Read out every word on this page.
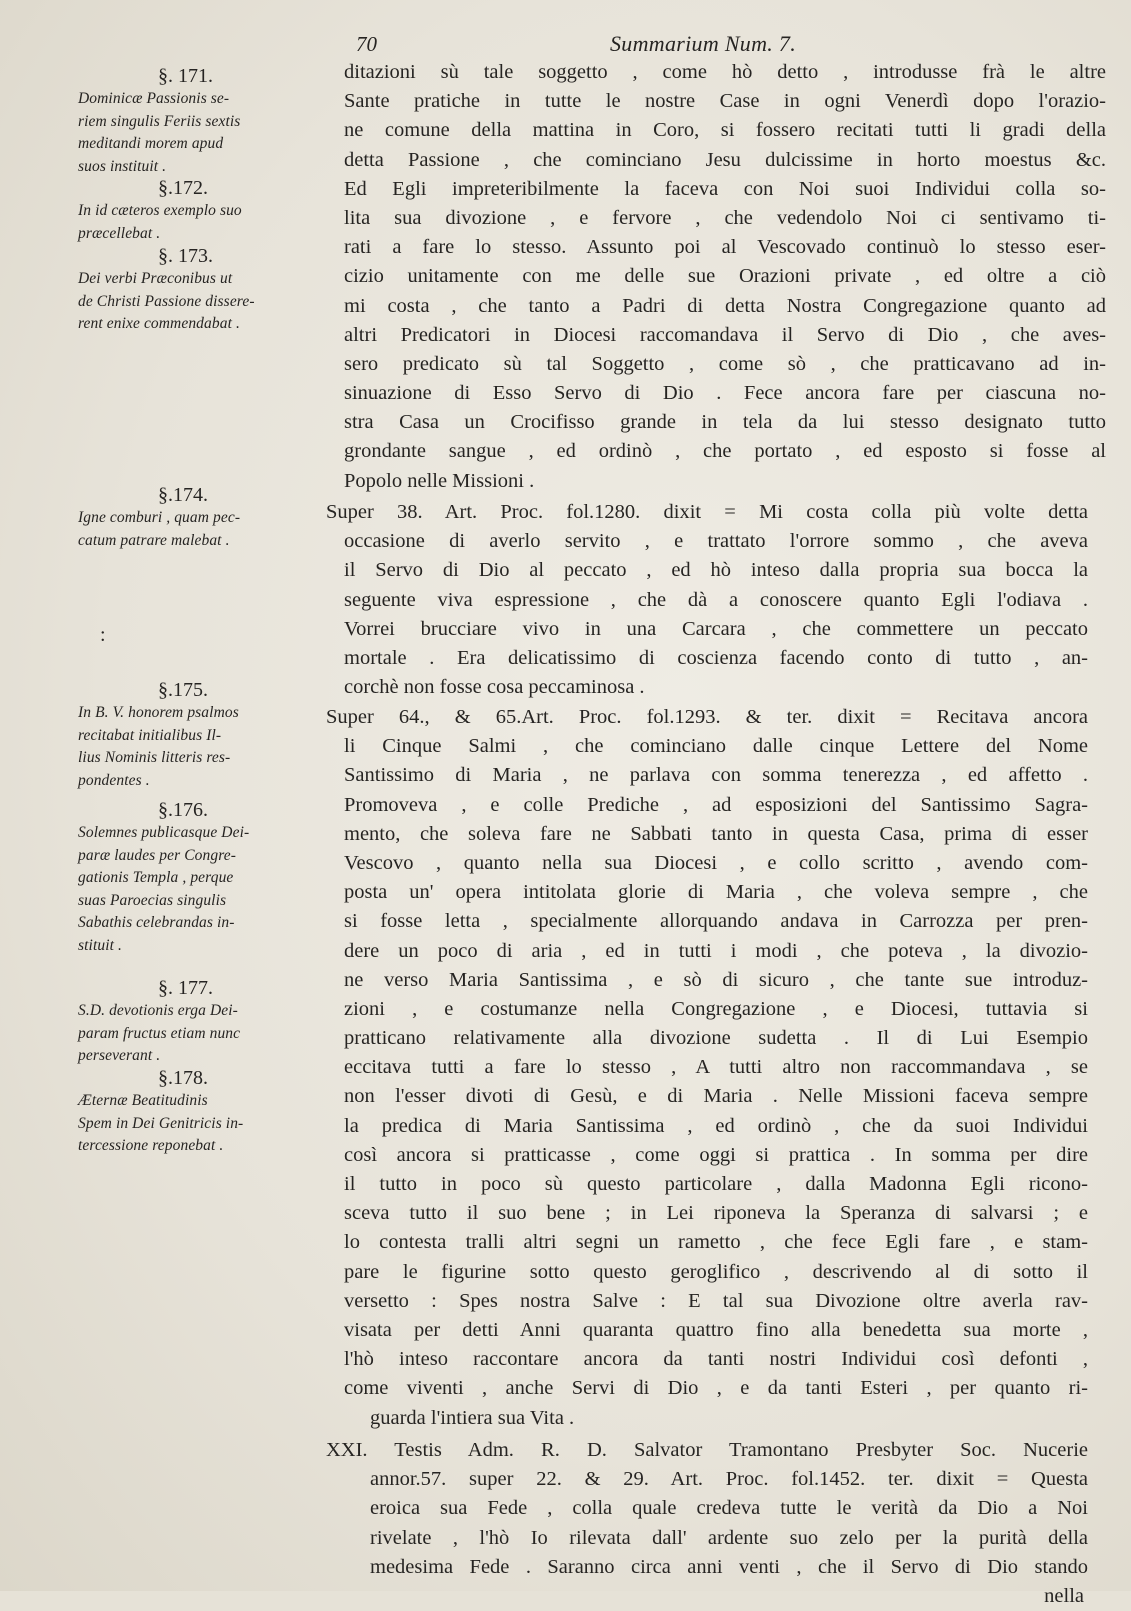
70	Summarium Num. 7.
§. 171.
Dominicæ Passionis se-
riem singulis Feriis sextis
meditandi morem apud
suos instituit .
§.172.
In id cæteros exemplo suo
præcellebat .
§. 173.
Dei verbi Præconibus ut
de Christi Passione dissere-
rent enixe commendabat .
§.174.
Igne comburi , quam pec-
catum patrare malebat .
:
§.175.
In B. V. honorem psalmos
recitabat initialibus Il-
lius Nominis litteris res-
pondentes .
§.176.
Solemnes publicasque Dei-
paræ laudes per Congre-
gationis Templa , perque
suas Paroecias singulis
Sabathis celebrandas in-
stituit .
§. 177.
S.D. devotionis erga Dei-
param fructus etiam nunc
perseverant .
§.178.
Æternæ Beatitudinis
Spem in Dei Genitricis in-
tercessione reponebat .
ditazioni sù tale soggetto , come hò detto , introdusse frà le altre
Sante pratiche in tutte le nostre Case in ogni Venerdì dopo l'orazio-
ne comune della mattina in Coro, si fossero recitati tutti li gradi della
detta Passione , che cominciano Jesu dulcissime in horto moestus &c.
Ed Egli impreteribilmente la faceva con Noi suoi Individui colla so-
lita sua divozione , e fervore , che vedendolo Noi ci sentivamo ti-
rati a fare lo stesso. Assunto poi al Vescovado continuò lo stesso eser-
cizio unitamente con me delle sue Orazioni private , ed oltre a ciò
mi costa , che tanto a Padri di detta Nostra Congregazione quanto ad
altri Predicatori in Diocesi raccomandava il Servo di Dio , che aves-
sero predicato sù tal Soggetto , come sò , che pratticavano ad in-
sinuazione di Esso Servo di Dio . Fece ancora fare per ciascuna no-
stra Casa un Crocifisso grande in tela da lui stesso designato tutto
grondante sangue , ed ordinò , che portato , ed esposto si fosse al
Popolo nelle Missioni .
Super 38. Art. Proc. fol.1280. dixit = Mi costa colla più volte detta
occasione di averlo servito , e trattato l'orrore sommo , che aveva
il Servo di Dio al peccato , ed hò inteso dalla propria sua bocca la
seguente viva espressione , che dà a conoscere quanto Egli l'odiava .
Vorrei brucciare vivo in una Carcara , che commettere un peccato
mortale . Era delicatissimo di coscienza facendo conto di tutto , an-
corchè non fosse cosa peccaminosa .
Super 64., & 65.Art. Proc. fol.1293. & ter. dixit = Recitava ancora
li Cinque Salmi , che cominciano dalle cinque Lettere del Nome
Santissimo di Maria , ne parlava con somma tenerezza , ed affetto .
Promoveva , e colle Prediche , ad esposizioni del Santissimo Sagra-
mento, che soleva fare ne Sabbati tanto in questa Casa, prima di esser
Vescovo , quanto nella sua Diocesi , e collo scritto , avendo com-
posta un' opera intitolata glorie di Maria , che voleva sempre , che
si fosse letta , specialmente allorquando andava in Carrozza per pren-
dere un poco di aria , ed in tutti i modi , che poteva , la divozio-
ne verso Maria Santissima , e sò di sicuro , che tante sue introduz-
zioni , e costumanze nella Congregazione , e Diocesi, tuttavia si
pratticano relativamente alla divozione sudetta . Il di Lui Esempio
eccitava tutti a fare lo stesso , A tutti altro non raccommandava , se
non l'esser divoti di Gesù, e di Maria . Nelle Missioni faceva sempre
la predica di Maria Santissima , ed ordinò , che da suoi Individui
così ancora si pratticasse , come oggi si prattica . In somma per dire
il tutto in poco sù questo particolare , dalla Madonna Egli ricono-
sceva tutto il suo bene ; in Lei riponeva la Speranza di salvarsi ; e
lo contesta tralli altri segni un rametto , che fece Egli fare , e stam-
pare le figurine sotto questo geroglifico , descrivendo al di sotto il
versetto : Spes nostra Salve : E tal sua Divozione oltre averla rav-
visata per detti Anni quaranta quattro fino alla benedetta sua morte ,
l'hò inteso raccontare ancora da tanti nostri Individui così defonti ,
come viventi , anche Servi di Dio , e da tanti Esteri , per quanto ri-
guarda l'intiera sua Vita .
XXI. Testis Adm. R. D. Salvator Tramontano Presbyter Soc. Nucerie
annor.57. super 22. & 29. Art. Proc. fol.1452. ter. dixit = Questa
eroica sua Fede , colla quale credeva tutte le verità da Dio a Noi
rivelate , l'hò Io rilevata dall' ardente suo zelo per la purità della
medesima Fede . Saranno circa anni venti , che il Servo di Dio stando
nella
